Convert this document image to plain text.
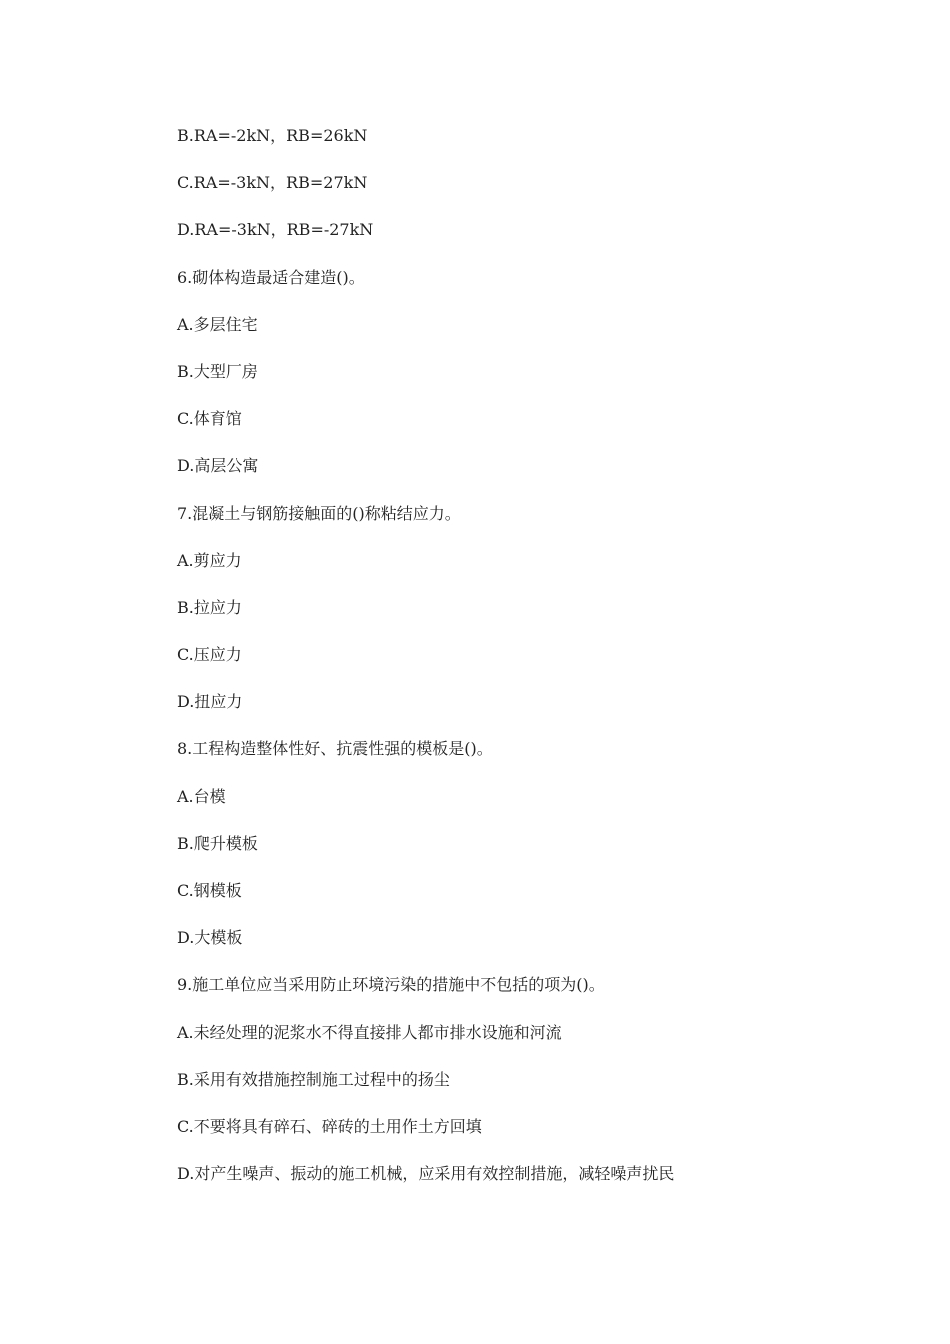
B.RA=-2kN，RB=26kN
C.RA=-3kN，RB=27kN
D.RA=-3kN，RB=-27kN
6.砌体构造最适合建造()。
A.多层住宅
B.大型厂房
C.体育馆
D.高层公寓
7.混凝土与钢筋接触面的()称粘结应力。
A.剪应力
B.拉应力
C.压应力
D.扭应力
8.工程构造整体性好、抗震性强的模板是()。
A.台模
B.爬升模板
C.钢模板
D.大模板
9.施工单位应当采用防止环境污染的措施中不包括的项为()。
A.未经处理的泥浆水不得直接排人都市排水设施和河流
B.采用有效措施控制施工过程中的扬尘
C.不要将具有碎石、碎砖的土用作土方回填
D.对产生噪声、振动的施工机械，应采用有效控制措施，减轻噪声扰民
